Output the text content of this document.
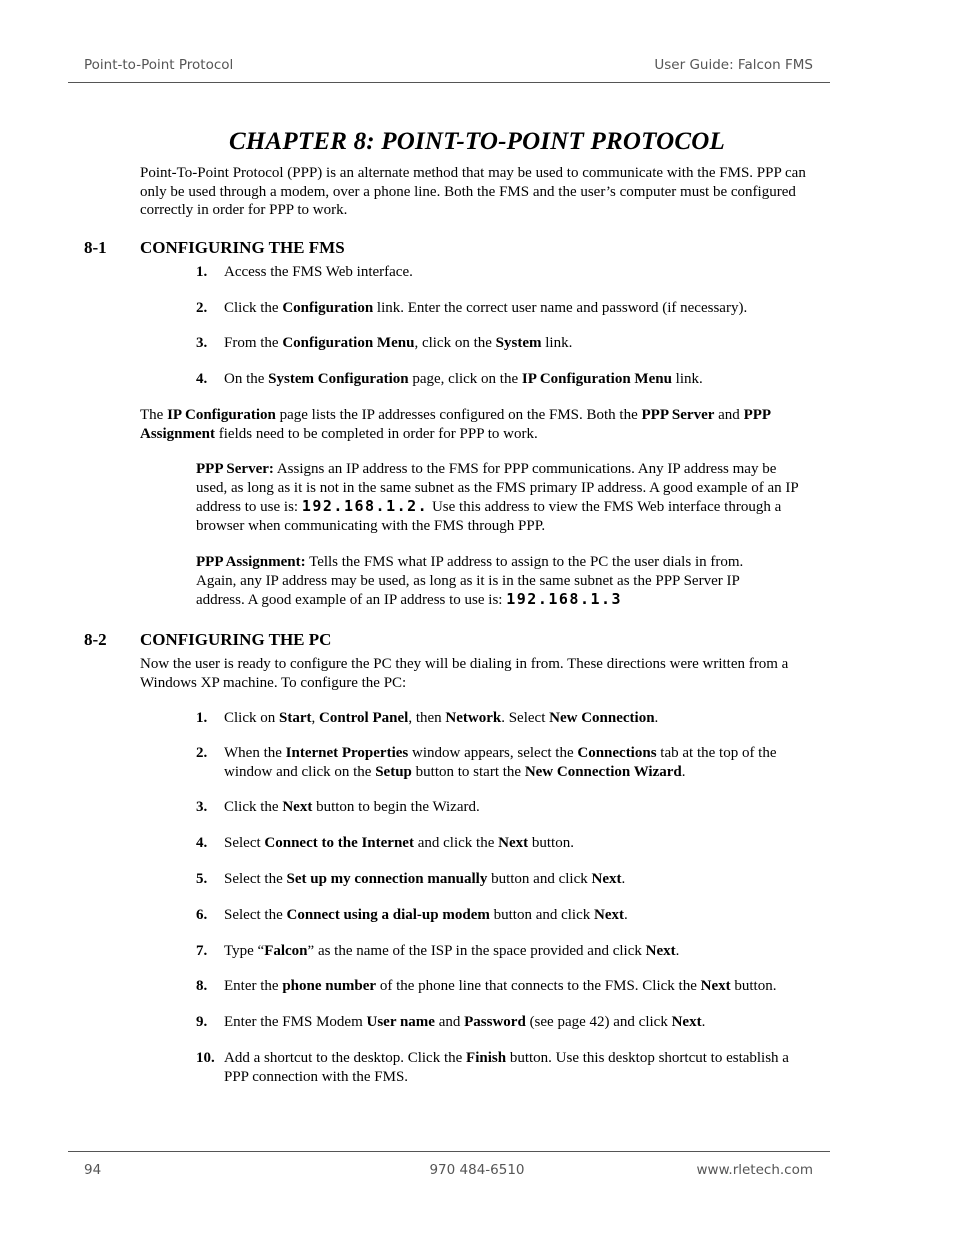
Point-to-Point Protocol	User Guide: Falcon FMS
CHAPTER 8: POINT-TO-POINT PROTOCOL
Point-To-Point Protocol (PPP) is an alternate method that may be used to communicate with the FMS. PPP can only be used through a modem, over a phone line. Both the FMS and the user’s computer must be configured correctly in order for PPP to work.
8-1 CONFIGURING THE FMS
1. Access the FMS Web interface.
2. Click the Configuration link. Enter the correct user name and password (if necessary).
3. From the Configuration Menu, click on the System link.
4. On the System Configuration page, click on the IP Configuration Menu link.
The IP Configuration page lists the IP addresses configured on the FMS. Both the PPP Server and PPP Assignment fields need to be completed in order for PPP to work.
PPP Server: Assigns an IP address to the FMS for PPP communications. Any IP address may be used, as long as it is not in the same subnet as the FMS primary IP address. A good example of an IP address to use is: 192.168.1.2. Use this address to view the FMS Web interface through a browser when communicating with the FMS through PPP.
PPP Assignment: Tells the FMS what IP address to assign to the PC the user dials in from. Again, any IP address may be used, as long as it is in the same subnet as the PPP Server IP address. A good example of an IP address to use is: 192.168.1.3
8-2 CONFIGURING THE PC
Now the user is ready to configure the PC they will be dialing in from. These directions were written from a Windows XP machine. To configure the PC:
1. Click on Start, Control Panel, then Network. Select New Connection.
2. When the Internet Properties window appears, select the Connections tab at the top of the window and click on the Setup button to start the New Connection Wizard.
3. Click the Next button to begin the Wizard.
4. Select Connect to the Internet and click the Next button.
5. Select the Set up my connection manually button and click Next.
6. Select the Connect using a dial-up modem button and click Next.
7. Type “Falcon” as the name of the ISP in the space provided and click Next.
8. Enter the phone number of the phone line that connects to the FMS. Click the Next button.
9. Enter the FMS Modem User name and Password (see page 42) and click Next.
10. Add a shortcut to the desktop. Click the Finish button. Use this desktop shortcut to establish a PPP connection with the FMS.
94	970 484-6510	www.rletech.com
